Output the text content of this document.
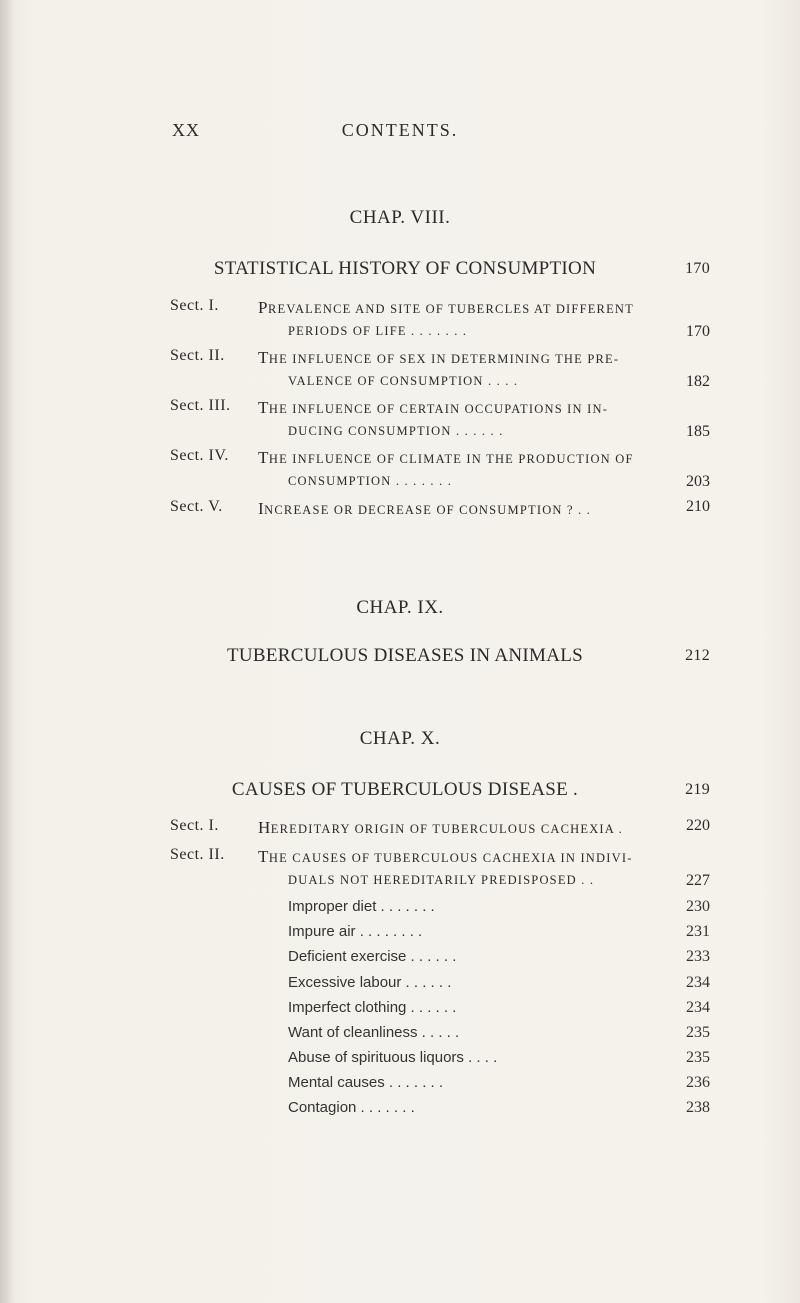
XX	CONTENTS.
CHAP. VIII.
STATISTICAL HISTORY OF CONSUMPTION	170
Sect. I. PREVALENCE AND SITE OF TUBERCLES AT DIFFERENT
PERIODS OF LIFE . . . . . . .	170
Sect. II. THE INFLUENCE OF SEX IN DETERMINING THE PRE-
VALENCE OF CONSUMPTION . . . .	182
Sect. III. THE INFLUENCE OF CERTAIN OCCUPATIONS IN IN-
DUCING CONSUMPTION . . . . . .	185
Sect. IV. THE INFLUENCE OF CLIMATE IN THE PRODUCTION OF
CONSUMPTION . . . . . . .	203
Sect. V. INCREASE OR DECREASE OF CONSUMPTION ? . .	210
CHAP. IX.
TUBERCULOUS DISEASES IN ANIMALS	212
CHAP. X.
CAUSES OF TUBERCULOUS DISEASE .	219
Sect. I. HEREDITARY ORIGIN OF TUBERCULOUS CACHEXIA .	220
Sect. II. THE CAUSES OF TUBERCULOUS CACHEXIA IN INDIVI-
DUALS NOT HEREDITARILY PREDISPOSED . .	227
Improper diet . . . . . . .	230
Impure air . . . . . . . .	231
Deficient exercise . . . . . .	233
Excessive labour . . . . . .	234
Imperfect clothing . . . . . .	234
Want of cleanliness . . . . .	235
Abuse of spirituous liquors . . . .	235
Mental causes . . . . . . .	236
Contagion . . . . . . .	238
